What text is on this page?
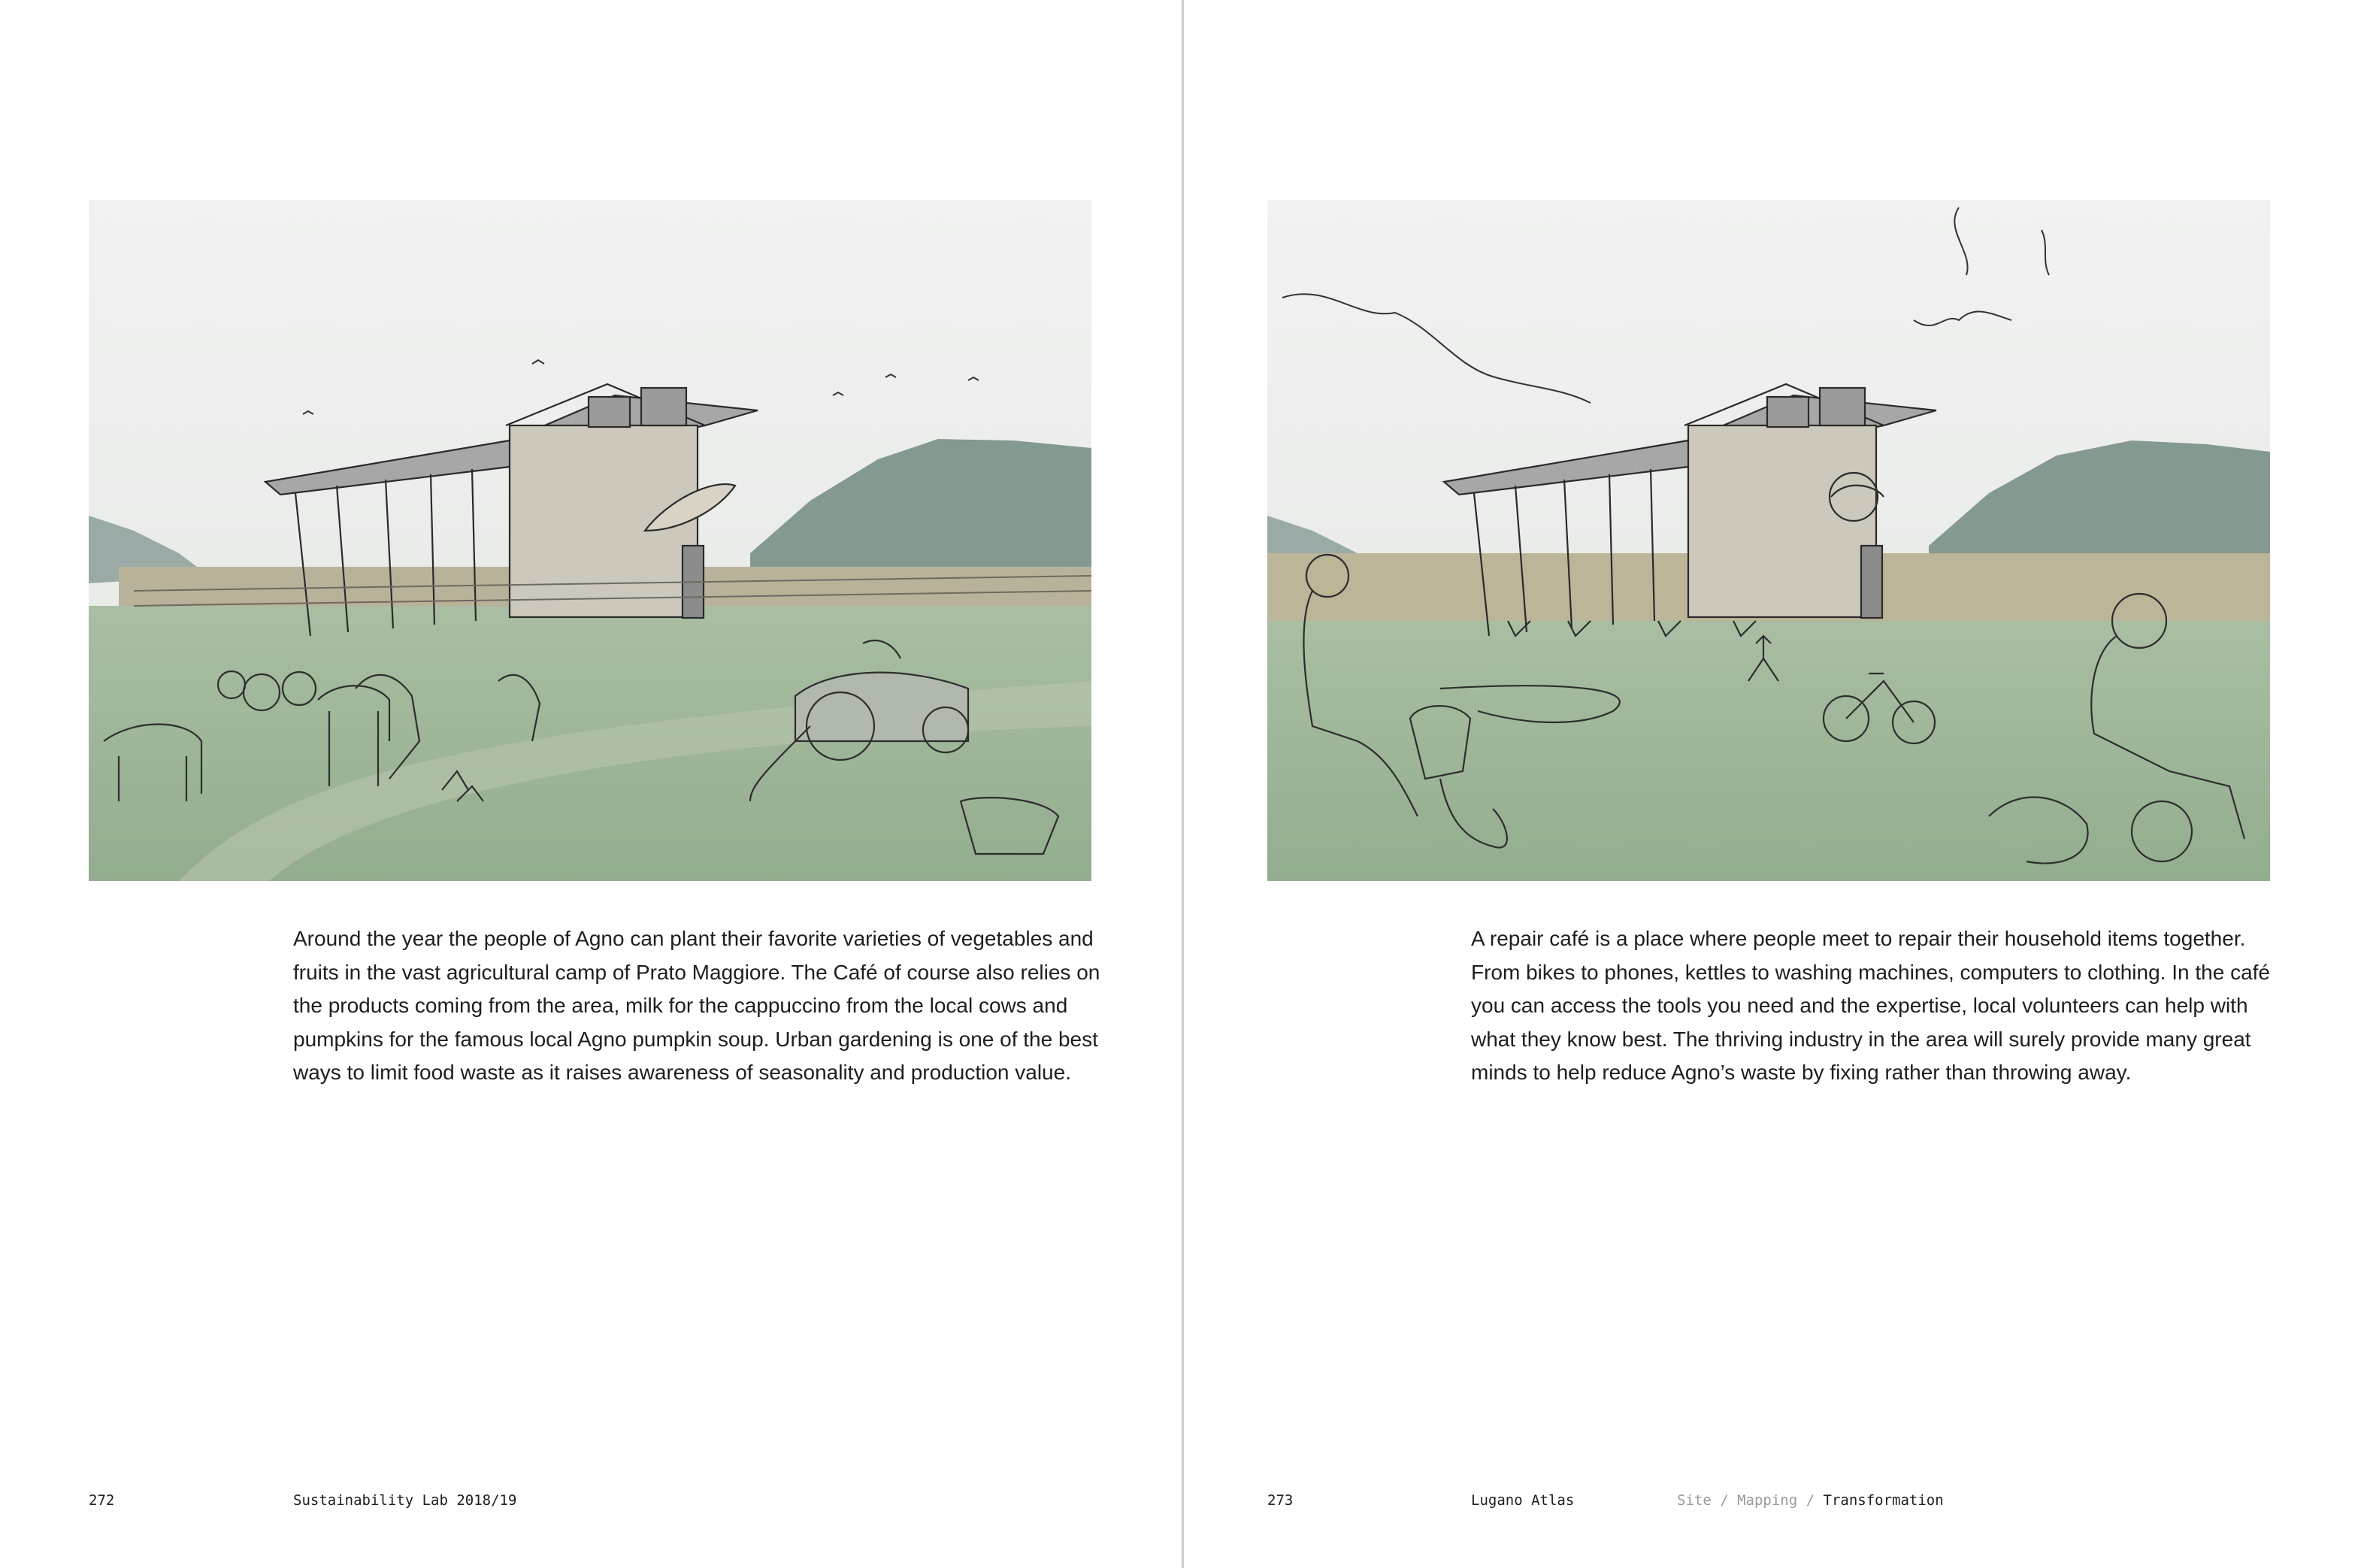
Around the year the people of Agno can plant their favorite varieties of vegetables and fruits in the vast agricultural camp of Prato Maggiore. The Café of course also relies on the products coming from the area, milk for the cappuccino from the local cows and pumpkins for the famous local Agno pumpkin soup. Urban gardening is one of the best ways to limit food waste as it raises awareness of seasonality and production value.

272	Sustainability Lab 2018/19

A repair café is a place where people meet to repair their household items together. From bikes to phones, kettles to washing machines, computers to clothing. In the café you can access the tools you need and the expertise, local volunteers can help with what they know best. The thriving industry in the area will surely provide many great minds to help reduce Agno’s waste by fixing rather than throwing away.

273	Lugano Atlas	Site / Mapping / Transformation
